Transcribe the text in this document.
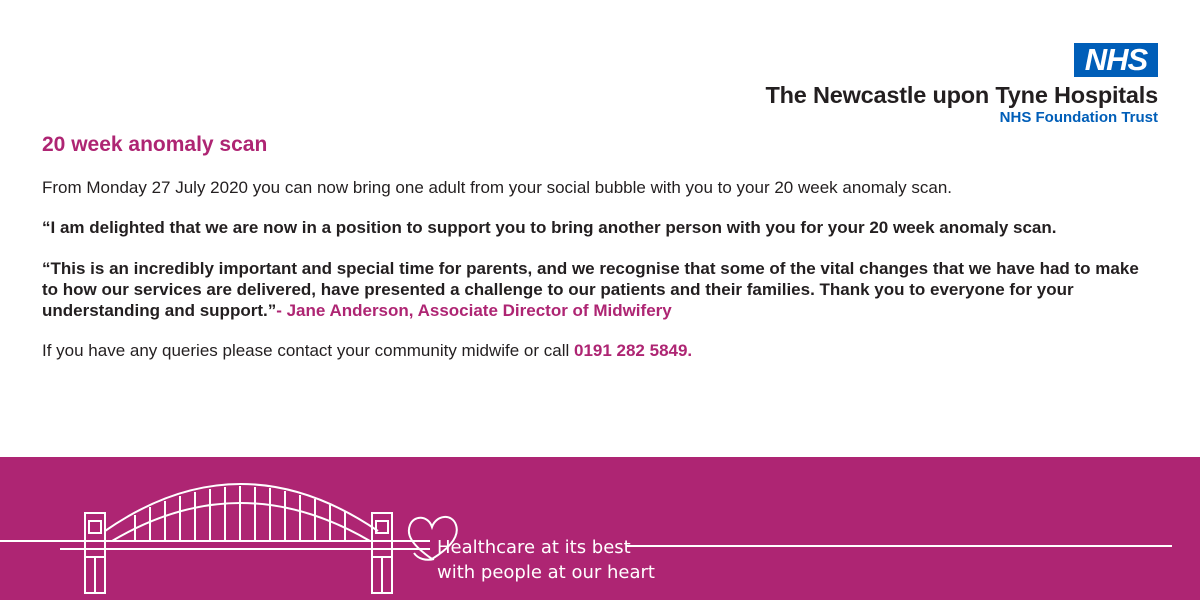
NHS
The Newcastle upon Tyne Hospitals
NHS Foundation Trust
20 week anomaly scan

From Monday 27 July 2020 you can now bring one adult from your social bubble with you to your 20 week anomaly scan.

“I am delighted that we are now in a position to support you to bring another person with you for your 20 week anomaly scan.

“This is an incredibly important and special time for parents, and we recognise that some of the vital changes that we have had to make to how our services are delivered, have presented a challenge to our patients and their families. Thank you to everyone for your understanding and support.”- Jane Anderson, Associate Director of Midwifery

If you have any queries please contact your community midwife or call 0191 282 5849.

Healthcare at its best
with people at our heart
